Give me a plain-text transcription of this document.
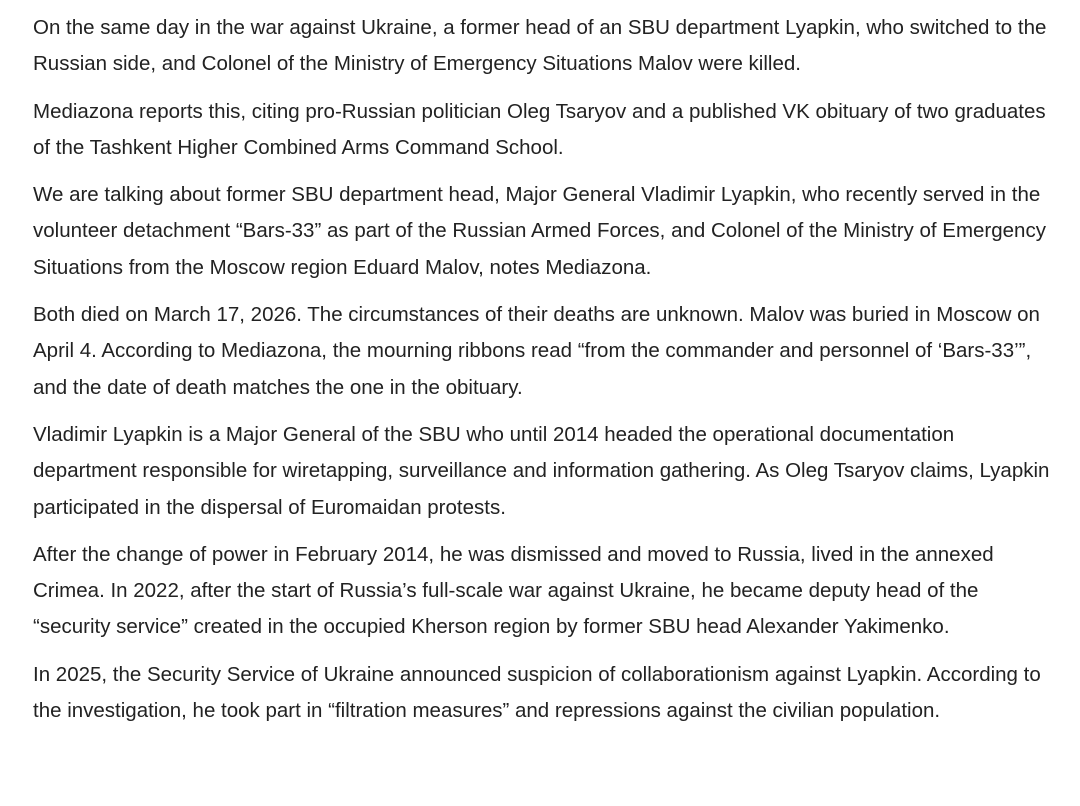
On the same day in the war against Ukraine, a former head of an SBU department Lyapkin, who switched to the Russian side, and Colonel of the Ministry of Emergency Situations Malov were killed.

Mediazona reports this, citing pro-Russian politician Oleg Tsaryov and a published VK obituary of two graduates of the Tashkent Higher Combined Arms Command School.

We are talking about former SBU department head, Major General Vladimir Lyapkin, who recently served in the volunteer detachment “Bars-33” as part of the Russian Armed Forces, and Colonel of the Ministry of Emergency Situations from the Moscow region Eduard Malov, notes Mediazona.

Both died on March 17, 2026. The circumstances of their deaths are unknown. Malov was buried in Moscow on April 4. According to Mediazona, the mourning ribbons read “from the commander and personnel of ‘Bars-33’”, and the date of death matches the one in the obituary.

Vladimir Lyapkin is a Major General of the SBU who until 2014 headed the operational documentation department responsible for wiretapping, surveillance and information gathering. As Oleg Tsaryov claims, Lyapkin participated in the dispersal of Euromaidan protests.

After the change of power in February 2014, he was dismissed and moved to Russia, lived in the annexed Crimea. In 2022, after the start of Russia’s full-scale war against Ukraine, he became deputy head of the “security service” created in the occupied Kherson region by former SBU head Alexander Yakimenko.

In 2025, the Security Service of Ukraine announced suspicion of collaborationism against Lyapkin. According to the investigation, he took part in “filtration measures” and repressions against the civilian population.
